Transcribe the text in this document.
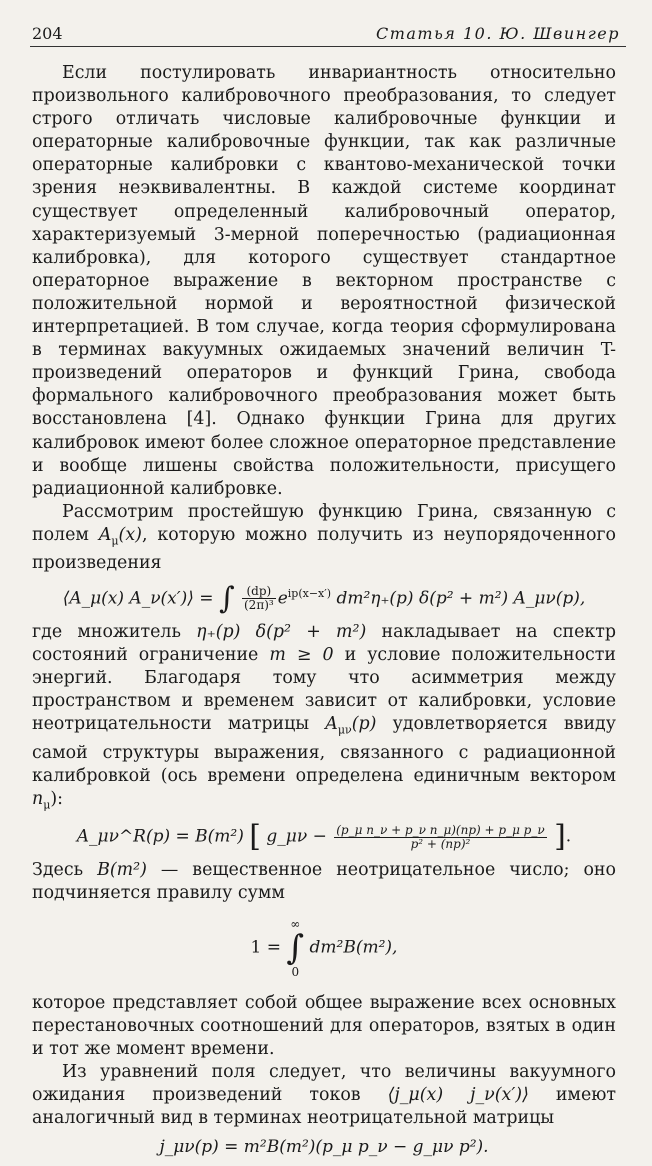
204	Статья 10. Ю. Швингер

Если постулировать инвариантность относительно произвольного калибровочного преобразования, то следует строго отличать числовые калибровочные функции и операторные калибровочные функции, так как различные операторные калибровки с квантово-механической точки зрения неэквивалентны. В каждой системе координат существует определенный калибровочный оператор, характеризуемый 3-мерной поперечностью (радиационная калибровка), для которого существует стандартное операторное выражение в векторном пространстве с положительной нормой и вероятностной физической интерпретацией. В том случае, когда теория сформулирована в терминах вакуумных ожидаемых значений величин T-произведений операторов и функций Грина, свобода формального калибровочного преобразования может быть восстановлена [4]. Однако функции Грина для других калибровок имеют более сложное операторное представление и вообще лишены свойства положительности, присущего радиационной калибровке.

Рассмотрим простейшую функцию Грина, связанную с полем $A_\mu(x)$, которую можно получить из неупорядоченного произведения

⟨A_μ(x) A_ν(x′)⟩ = ∫ $\frac{(dp)}{\text{(2π)³}} e^{ip(x-x')}$ dm²η₊(p) δ(p² + m²) A_μν(p),

где множитель η₊(p) δ(p² + m²) накладывает на спектр состояний ограничение m ≥ 0 и условие положительности энергий. Благодаря тому что асимметрия между пространством и временем зависит от калибровки, условие неотрицательности матрицы $A_{\mu\nu}(p)$ удовлетворяется ввиду самой структуры выражения, связанного с радиационной калибровкой (ось времени определена единичным вектором $n_\mu$):

A_μν^R(p) = B(m²) [ g_μν − $\frac{\text{(p\_μ n\_ν + p\_ν n\_μ)(np) + p\_μ p\_ν}}{\text{p² + (np)²}}$ ].

Здесь B(m²) — вещественное неотрицательное число; оно подчиняется правилу сумм

1 =
∞
∫
0
dm²B(m²),

которое представляет собой общее выражение всех основных перестановочных соотношений для операторов, взятых в один и тот же момент времени.

Из уравнений поля следует, что величины вакуумного ожидания произведений токов ⟨j_μ(x) j_ν(x′)⟩ имеют аналогичный вид в терминах неотрицательной матрицы

j_μν(p) = m²B(m²)(p_μ p_ν − g_μν p²).
